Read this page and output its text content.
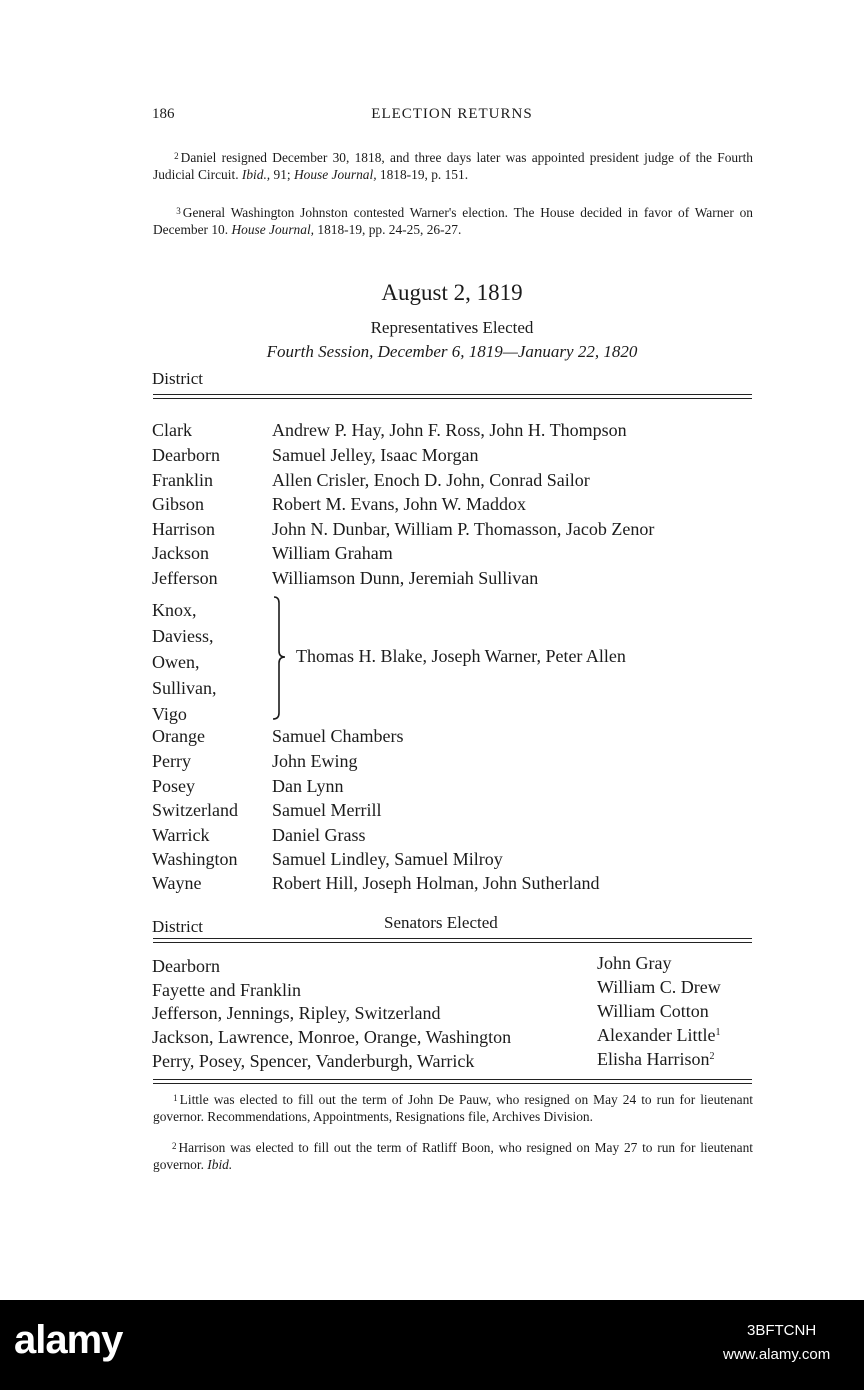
186	ELECTION RETURNS
$^2$ Daniel resigned December 30, 1818, and three days later was appointed president judge of the Fourth Judicial Circuit. Ibid., 91; House Journal, 1818-19, p. 151.
$^3$ General Washington Johnston contested Warner's election. The House decided in favor of Warner on December 10. House Journal, 1818-19, pp. 24-25, 26-27.
August 2, 1819
Representatives Elected
Fourth Session, December 6, 1819—January 22, 1820
District
Clark	Andrew P. Hay, John F. Ross, John H. Thompson
Dearborn	Samuel Jelley, Isaac Morgan
Franklin	Allen Crisler, Enoch D. John, Conrad Sailor
Gibson	Robert M. Evans, John W. Maddox
Harrison	John N. Dunbar, William P. Thomasson, Jacob Zenor
Jackson	William Graham
Jefferson	Williamson Dunn, Jeremiah Sullivan
Knox,
Daviess,
Owen,
Sullivan,
Vigo
Thomas H. Blake, Joseph Warner, Peter Allen
Orange	Samuel Chambers
Perry	John Ewing
Posey	Dan Lynn
Switzerland Samuel Merrill
Warrick	Daniel Grass
Washington Samuel Lindley, Samuel Milroy
Wayne	Robert Hill, Joseph Holman, John Sutherland
District	Senators Elected
Dearborn	John Gray
Fayette and Franklin	William C. Drew
Jefferson, Jennings, Ripley, Switzerland	William Cotton
Jackson, Lawrence, Monroe, Orange, Washington	Alexander Little$^1$
Perry, Posey, Spencer, Vanderburgh, Warrick	Elisha Harrison$^2$
$^1$ Little was elected to fill out the term of John De Pauw, who resigned on May 24 to run for lieutenant governor. Recommendations, Appointments, Resignations file, Archives Division.
$^2$ Harrison was elected to fill out the term of Ratliff Boon, who resigned on May 27 to run for lieutenant governor. Ibid.
alamy	3BFTCNH
www.alamy.com
